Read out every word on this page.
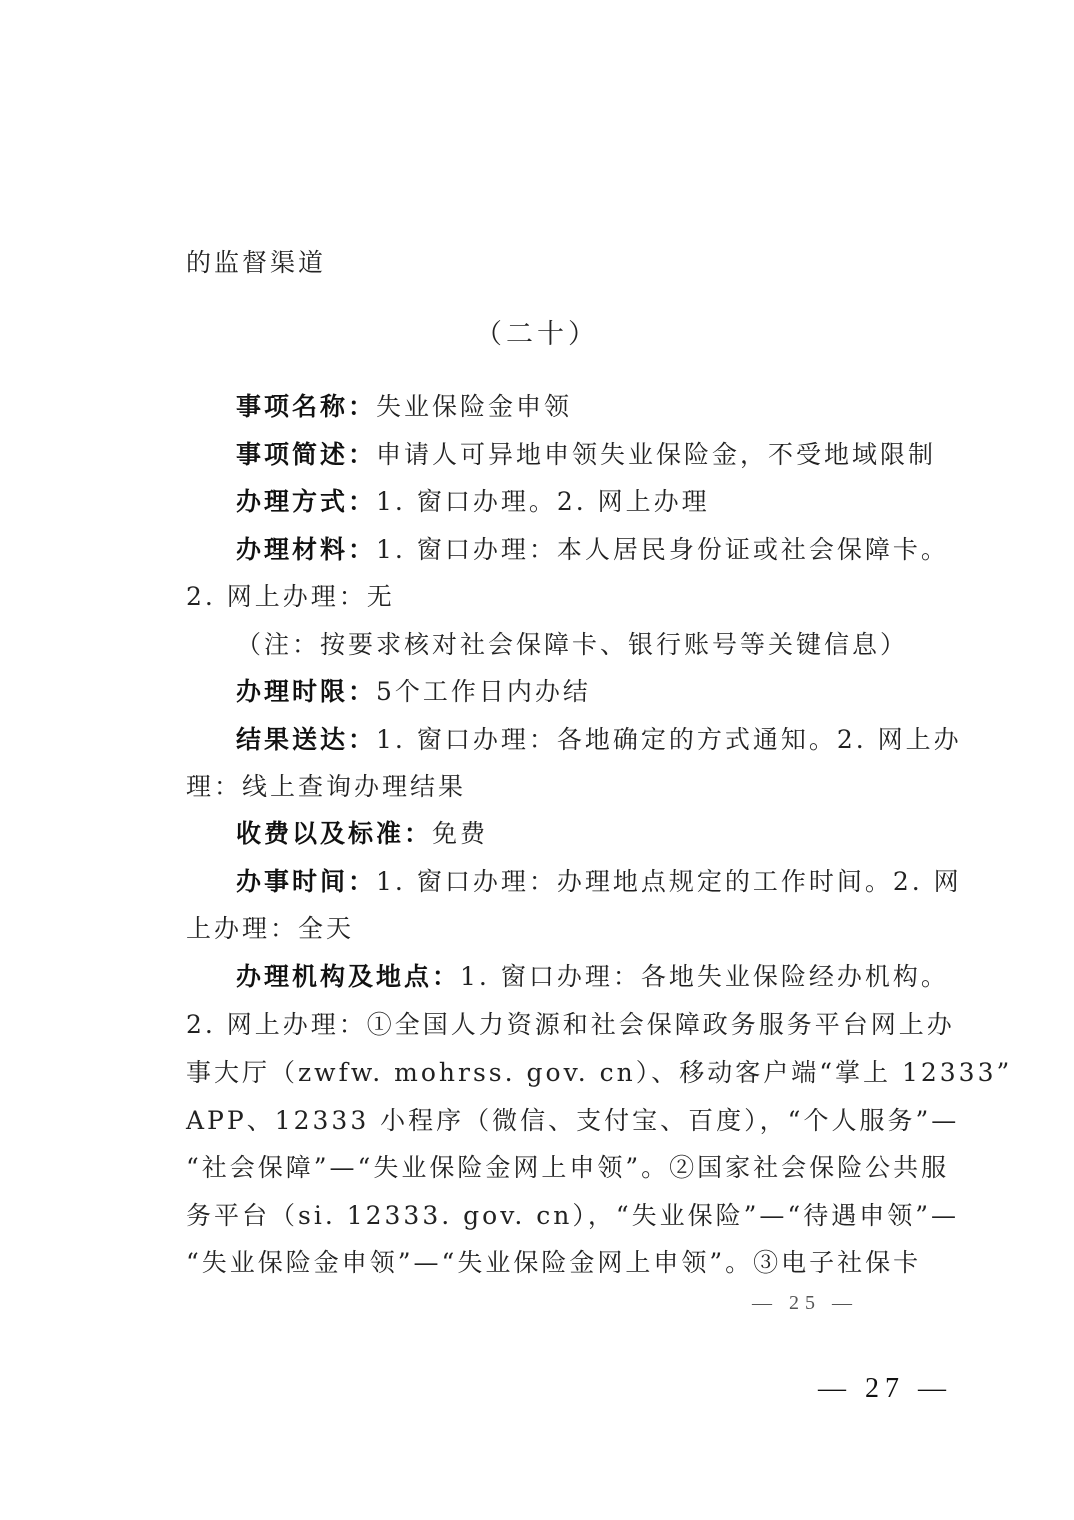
的监督渠道
（二十）
事项名称：失业保险金申领
事项简述：申请人可异地申领失业保险金，不受地域限制
办理方式：1. 窗口办理。2. 网上办理
办理材料：1. 窗口办理：本人居民身份证或社会保障卡。
2. 网上办理：无
（注：按要求核对社会保障卡、银行账号等关键信息）
办理时限：5个工作日内办结
结果送达：1. 窗口办理：各地确定的方式通知。2. 网上办
理：线上查询办理结果
收费以及标准：免费
办事时间：1. 窗口办理：办理地点规定的工作时间。2. 网
上办理：全天
办理机构及地点：1. 窗口办理：各地失业保险经办机构。
2. 网上办理：①全国人力资源和社会保障政务服务平台网上办
事大厅（zwfw. mohrss. gov. cn）、移动客户端“掌上 12333”
APP、12333 小程序（微信、支付宝、百度），“个人服务”—
“社会保障”—“失业保险金网上申领”。②国家社会保险公共服
务平台（si. 12333. gov. cn），“失业保险”—“待遇申领”—
“失业保险金申领”—“失业保险金网上申领”。③电子社保卡
— 25 —
— 27 —
